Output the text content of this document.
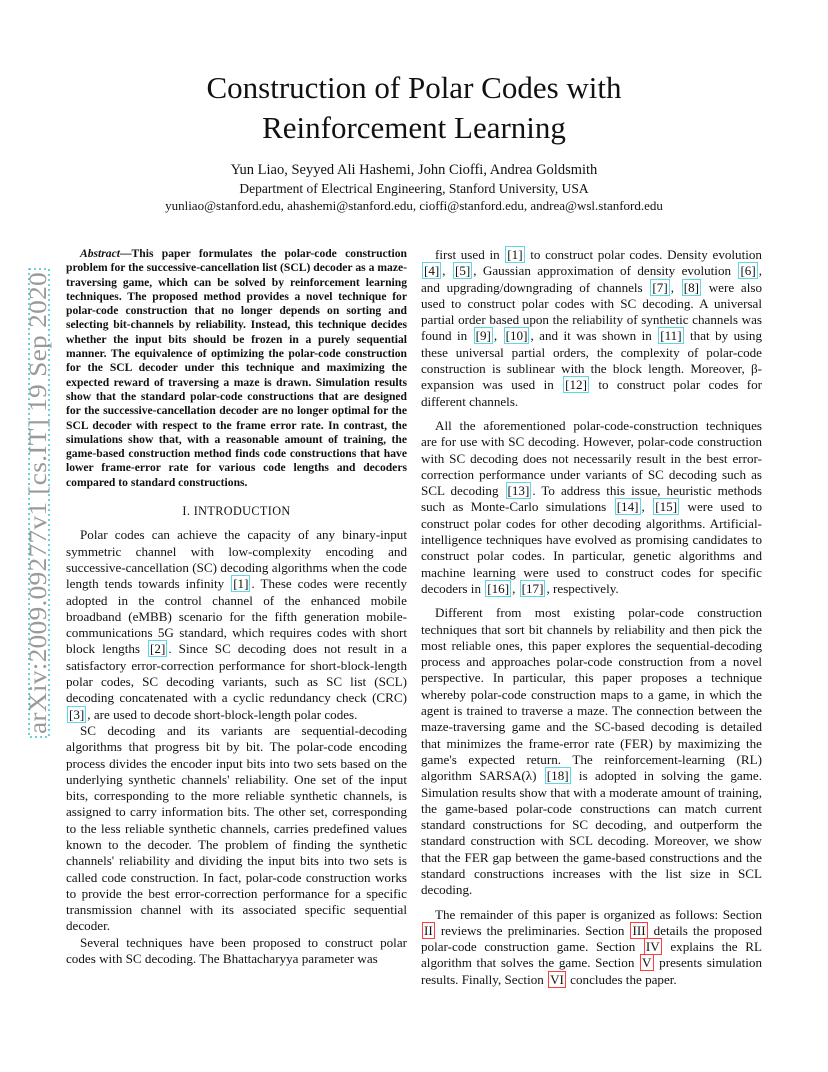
Construction of Polar Codes with
Reinforcement Learning
Yun Liao, Seyyed Ali Hashemi, John Cioffi, Andrea Goldsmith
Department of Electrical Engineering, Stanford University, USA
yunliao@stanford.edu, ahashemi@stanford.edu, cioffi@stanford.edu, andrea@wsl.stanford.edu
arXiv:2009.09277v1 [cs.IT] 19 Sep 2020

Abstract—This paper formulates the polar-code construction problem for the successive-cancellation list (SCL) decoder as a maze-traversing game, which can be solved by reinforcement learning techniques. The proposed method provides a novel technique for polar-code construction that no longer depends on sorting and selecting bit-channels by reliability. Instead, this technique decides whether the input bits should be frozen in a purely sequential manner. The equivalence of optimizing the polar-code construction for the SCL decoder under this technique and maximizing the expected reward of traversing a maze is drawn. Simulation results show that the standard polar-code constructions that are designed for the successive-cancellation decoder are no longer optimal for the SCL decoder with respect to the frame error rate. In contrast, the simulations show that, with a reasonable amount of training, the game-based construction method finds code constructions that have lower frame-error rate for various code lengths and decoders compared to standard constructions.

I. INTRODUCTION

Polar codes can achieve the capacity of any binary-input symmetric channel with low-complexity encoding and successive-cancellation (SC) decoding algorithms when the code length tends towards infinity [1] . These codes were recently adopted in the control channel of the enhanced mobile broadband (eMBB) scenario for the fifth generation mobile-communications 5G standard, which requires codes with short block lengths [2] . Since SC decoding does not result in a satisfactory error-correction performance for short-block-length polar codes, SC decoding variants, such as SC list (SCL) decoding concatenated with a cyclic redundancy check (CRC) [3] , are used to decode short-block-length polar codes.

SC decoding and its variants are sequential-decoding algorithms that progress bit by bit. The polar-code encoding process divides the encoder input bits into two sets based on the underlying synthetic channels' reliability. One set of the input bits, corresponding to the more reliable synthetic channels, is assigned to carry information bits. The other set, corresponding to the less reliable synthetic channels, carries predefined values known to the decoder. The problem of finding the synthetic channels' reliability and dividing the input bits into two sets is called code construction. In fact, polar-code construction works to provide the best error-correction performance for a specific transmission channel with its associated specific sequential decoder.

Several techniques have been proposed to construct polar codes with SC decoding. The Bhattacharyya parameter was

first used in [1] to construct polar codes. Density evolution [4] , [5] , Gaussian approximation of density evolution [6] , and upgrading/downgrading of channels [7] , [8] were also used to construct polar codes with SC decoding. A universal partial order based upon the reliability of synthetic channels was found in [9] , [10] , and it was shown in [11] that by using these universal partial orders, the complexity of polar-code construction is sublinear with the block length. Moreover, β-expansion was used in [12] to construct polar codes for different channels.

All the aforementioned polar-code-construction techniques are for use with SC decoding. However, polar-code construction with SC decoding does not necessarily result in the best error-correction performance under variants of SC decoding such as SCL decoding [13] . To address this issue, heuristic methods such as Monte-Carlo simulations [14] , [15] were used to construct polar codes for other decoding algorithms. Artificial-intelligence techniques have evolved as promising candidates to construct polar codes. In particular, genetic algorithms and machine learning were used to construct codes for specific decoders in [16] , [17] , respectively.

Different from most existing polar-code construction techniques that sort bit channels by reliability and then pick the most reliable ones, this paper explores the sequential-decoding process and approaches polar-code construction from a novel perspective. In particular, this paper proposes a technique whereby polar-code construction maps to a game, in which the agent is trained to traverse a maze. The connection between the maze-traversing game and the SC-based decoding is detailed that minimizes the frame-error rate (FER) by maximizing the game's expected return. The reinforcement-learning (RL) algorithm SARSA(λ) [18] is adopted in solving the game. Simulation results show that with a moderate amount of training, the game-based polar-code constructions can match current standard constructions for SC decoding, and outperform the standard construction with SCL decoding. Moreover, we show that the FER gap between the game-based constructions and the standard constructions increases with the list size in SCL decoding.

The remainder of this paper is organized as follows: Section II reviews the preliminaries. Section III details the proposed polar-code construction game. Section IV explains the RL algorithm that solves the game. Section V presents simulation results. Finally, Section VI concludes the paper.
